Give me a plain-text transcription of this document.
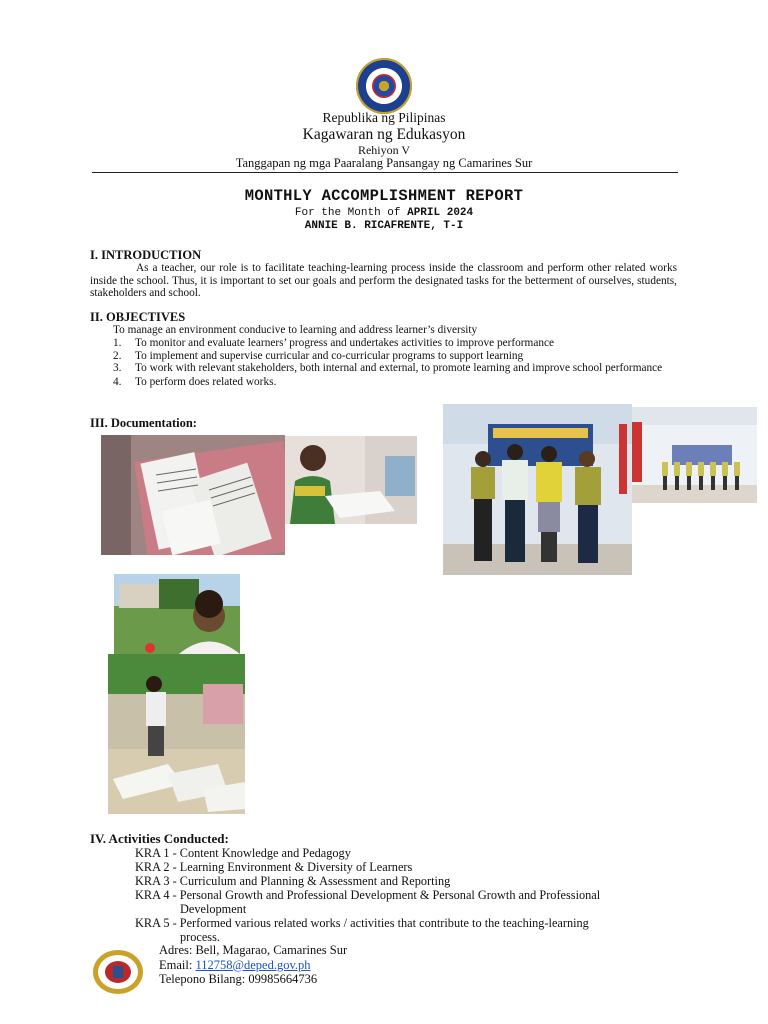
Republika ng Pilipinas
Kagawaran ng Edukasyon
Rehiyon V
Tanggapan ng mga Paaralang Pansangay ng Camarines Sur
MONTHLY ACCOMPLISHMENT REPORT
For the Month of APRIL 2024
ANNIE B. RICAFRENTE, T-I
I. INTRODUCTION
As a teacher, our role is to facilitate teaching-learning process inside the classroom and perform other related works inside the school. Thus, it is important to set our goals and perform the designated tasks for the betterment of ourselves, students, stakeholders and school.
II. OBJECTIVES
To manage an environment conducive to learning and address learner’s diversity
1.	To monitor and evaluate learners’ progress and undertakes activities to improve performance
2.	To implement and supervise curricular and co-curricular programs to support learning
3.	To work with relevant stakeholders, both internal and external, to promote learning and improve school performance
4.	To perform does related works.
III. Documentation:
IV. Activities Conducted:
KRA 1 - Content Knowledge and Pedagogy
KRA 2 - Learning Environment & Diversity of Learners
KRA 3 - Curriculum and Planning & Assessment and Reporting
KRA 4 - Personal Growth and Professional Development & Personal Growth and Professional
Development
KRA 5 - Performed various related works / activities that contribute to the teaching-learning
process.
Adres: Bell, Magarao, Camarines Sur
Email: 112758@deped.gov.ph
Telepono Bilang: 09985664736
